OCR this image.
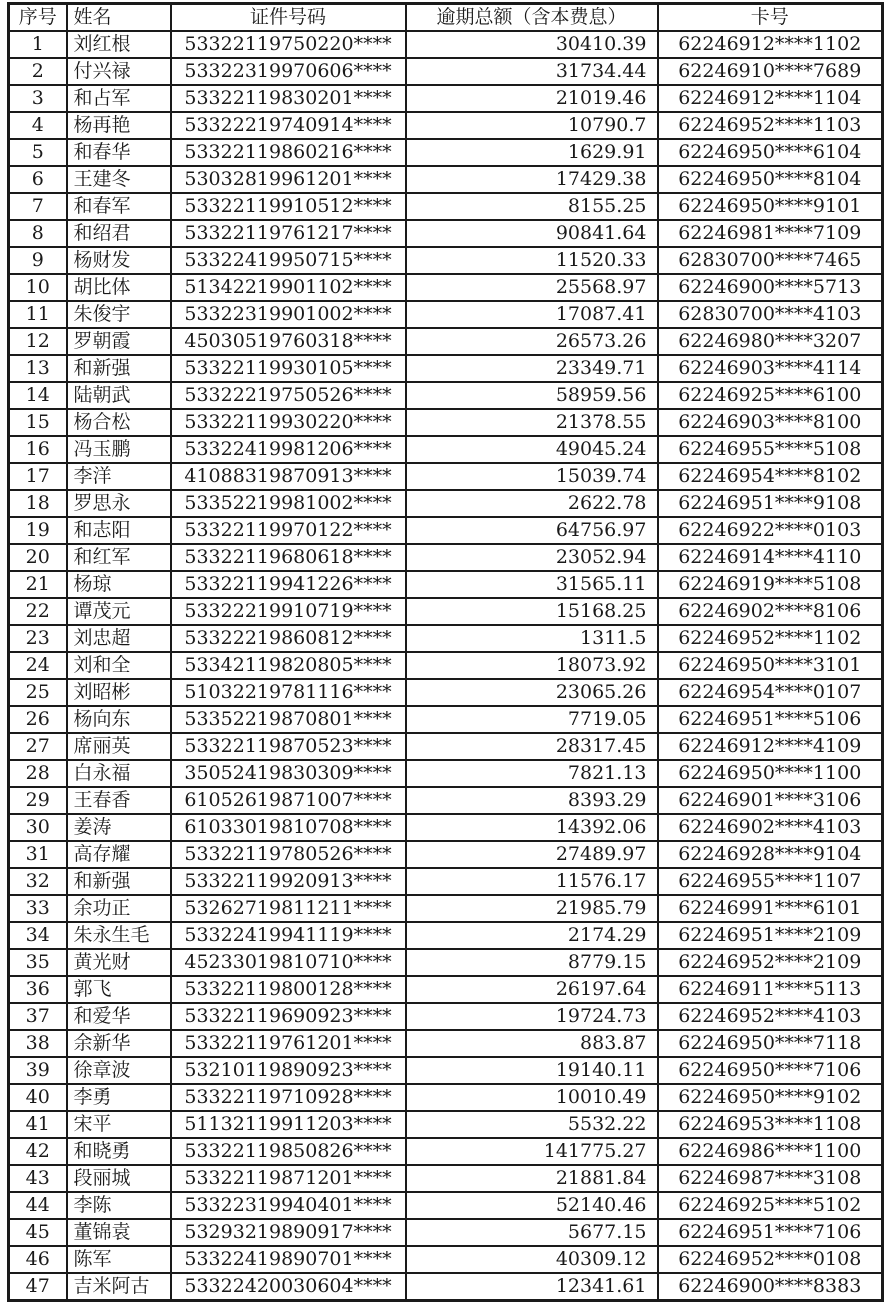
序号	姓名	证件号码	逾期总额（含本费息）	卡号
1	刘红根	53322119750220****	30410.39	62246912****1102
2	付兴禄	53322319970606****	31734.44	62246910****7689
3	和占军	53322119830201****	21019.46	62246912****1104
4	杨再艳	53322219740914****	10790.7	62246952****1103
5	和春华	53322119860216****	1629.91	62246950****6104
6	王建冬	53032819961201****	17429.38	62246950****8104
7	和春军	53322119910512****	8155.25	62246950****9101
8	和绍君	53322119761217****	90841.64	62246981****7109
9	杨财发	53322419950715****	11520.33	62830700****7465
10	胡比体	51342219901102****	25568.97	62246900****5713
11	朱俊宇	53322319901002****	17087.41	62830700****4103
12	罗朝霞	45030519760318****	26573.26	62246980****3207
13	和新强	53322119930105****	23349.71	62246903****4114
14	陆朝武	53322219750526****	58959.56	62246925****6100
15	杨合松	53322119930220****	21378.55	62246903****8100
16	冯玉鹏	53322419981206****	49045.24	62246955****5108
17	李洋	41088319870913****	15039.74	62246954****8102
18	罗思永	53352219981002****	2622.78	62246951****9108
19	和志阳	53322119970122****	64756.97	62246922****0103
20	和红军	53322119680618****	23052.94	62246914****4110
21	杨琼	53322119941226****	31565.11	62246919****5108
22	谭茂元	53322219910719****	15168.25	62246902****8106
23	刘忠超	53322219860812****	1311.5	62246952****1102
24	刘和全	53342119820805****	18073.92	62246950****3101
25	刘昭彬	51032219781116****	23065.26	62246954****0107
26	杨向东	53352219870801****	7719.05	62246951****5106
27	席丽英	53322119870523****	28317.45	62246912****4109
28	白永福	35052419830309****	7821.13	62246950****1100
29	王春香	61052619871007****	8393.29	62246901****3106
30	姜涛	61033019810708****	14392.06	62246902****4103
31	高存耀	53322119780526****	27489.97	62246928****9104
32	和新强	53322119920913****	11576.17	62246955****1107
33	余功正	53262719811211****	21985.79	62246991****6101
34	朱永生毛	53322419941119****	2174.29	62246951****2109
35	黄光财	45233019810710****	8779.15	62246952****2109
36	郭飞	53322119800128****	26197.64	62246911****5113
37	和爱华	53322119690923****	19724.73	62246952****4103
38	余新华	53322119761201****	883.87	62246950****7118
39	徐章波	53210119890923****	19140.11	62246950****7106
40	李勇	53322119710928****	10010.49	62246950****9102
41	宋平	51132119911203****	5532.22	62246953****1108
42	和晓勇	53322119850826****	141775.27	62246986****1100
43	段丽城	53322119871201****	21881.84	62246987****3108
44	李陈	53322319940401****	52140.46	62246925****5102
45	董锦袁	53293219890917****	5677.15	62246951****7106
46	陈军	53322419890701****	40309.12	62246952****0108
47	吉米阿古	53322420030604****	12341.61	62246900****8383
